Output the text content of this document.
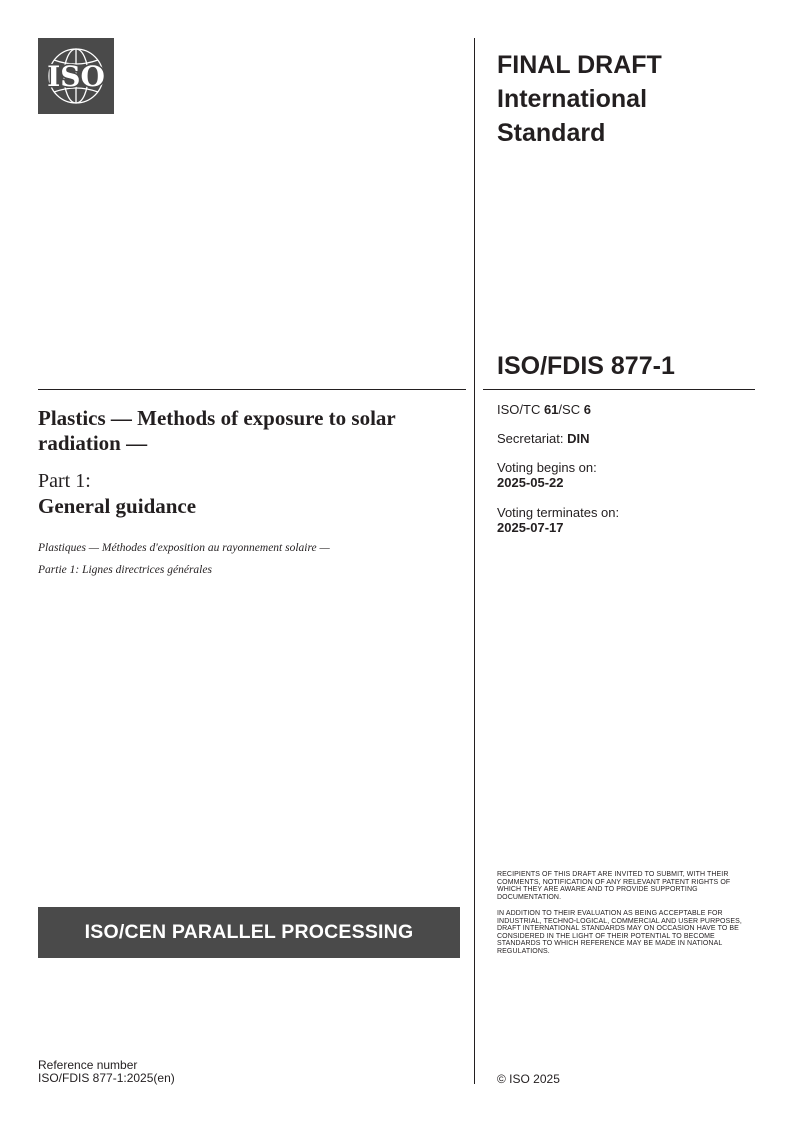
ISO	FINAL DRAFT
International
Standard
ISO/FDIS 877-1
ISO/TC 61/SC 6
Secretariat: DIN
Voting begins on:
2025-05-22
Voting terminates on:
2025-07-17
Plastics — Methods of exposure to solar radiation —
Part 1:
General guidance
Plastiques — Méthodes d'exposition au rayonnement solaire —
Partie 1: Lignes directrices générales
ISO/CEN PARALLEL PROCESSING
RECIPIENTS OF THIS DRAFT ARE INVITED TO SUBMIT, WITH THEIR COMMENTS, NOTIFICATION OF ANY RELEVANT PATENT RIGHTS OF WHICH THEY ARE AWARE AND TO PROVIDE SUPPORTING DOCUMENTATION.
IN ADDITION TO THEIR EVALUATION AS BEING ACCEPTABLE FOR INDUSTRIAL, TECHNO-LOGICAL, COMMERCIAL AND USER PURPOSES, DRAFT INTERNATIONAL STANDARDS MAY ON OCCASION HAVE TO BE CONSIDERED IN THE LIGHT OF THEIR POTENTIAL TO BECOME STANDARDS TO WHICH REFERENCE MAY BE MADE IN NATIONAL REGULATIONS.
Reference number
ISO/FDIS 877-1:2025(en)	© ISO 2025
